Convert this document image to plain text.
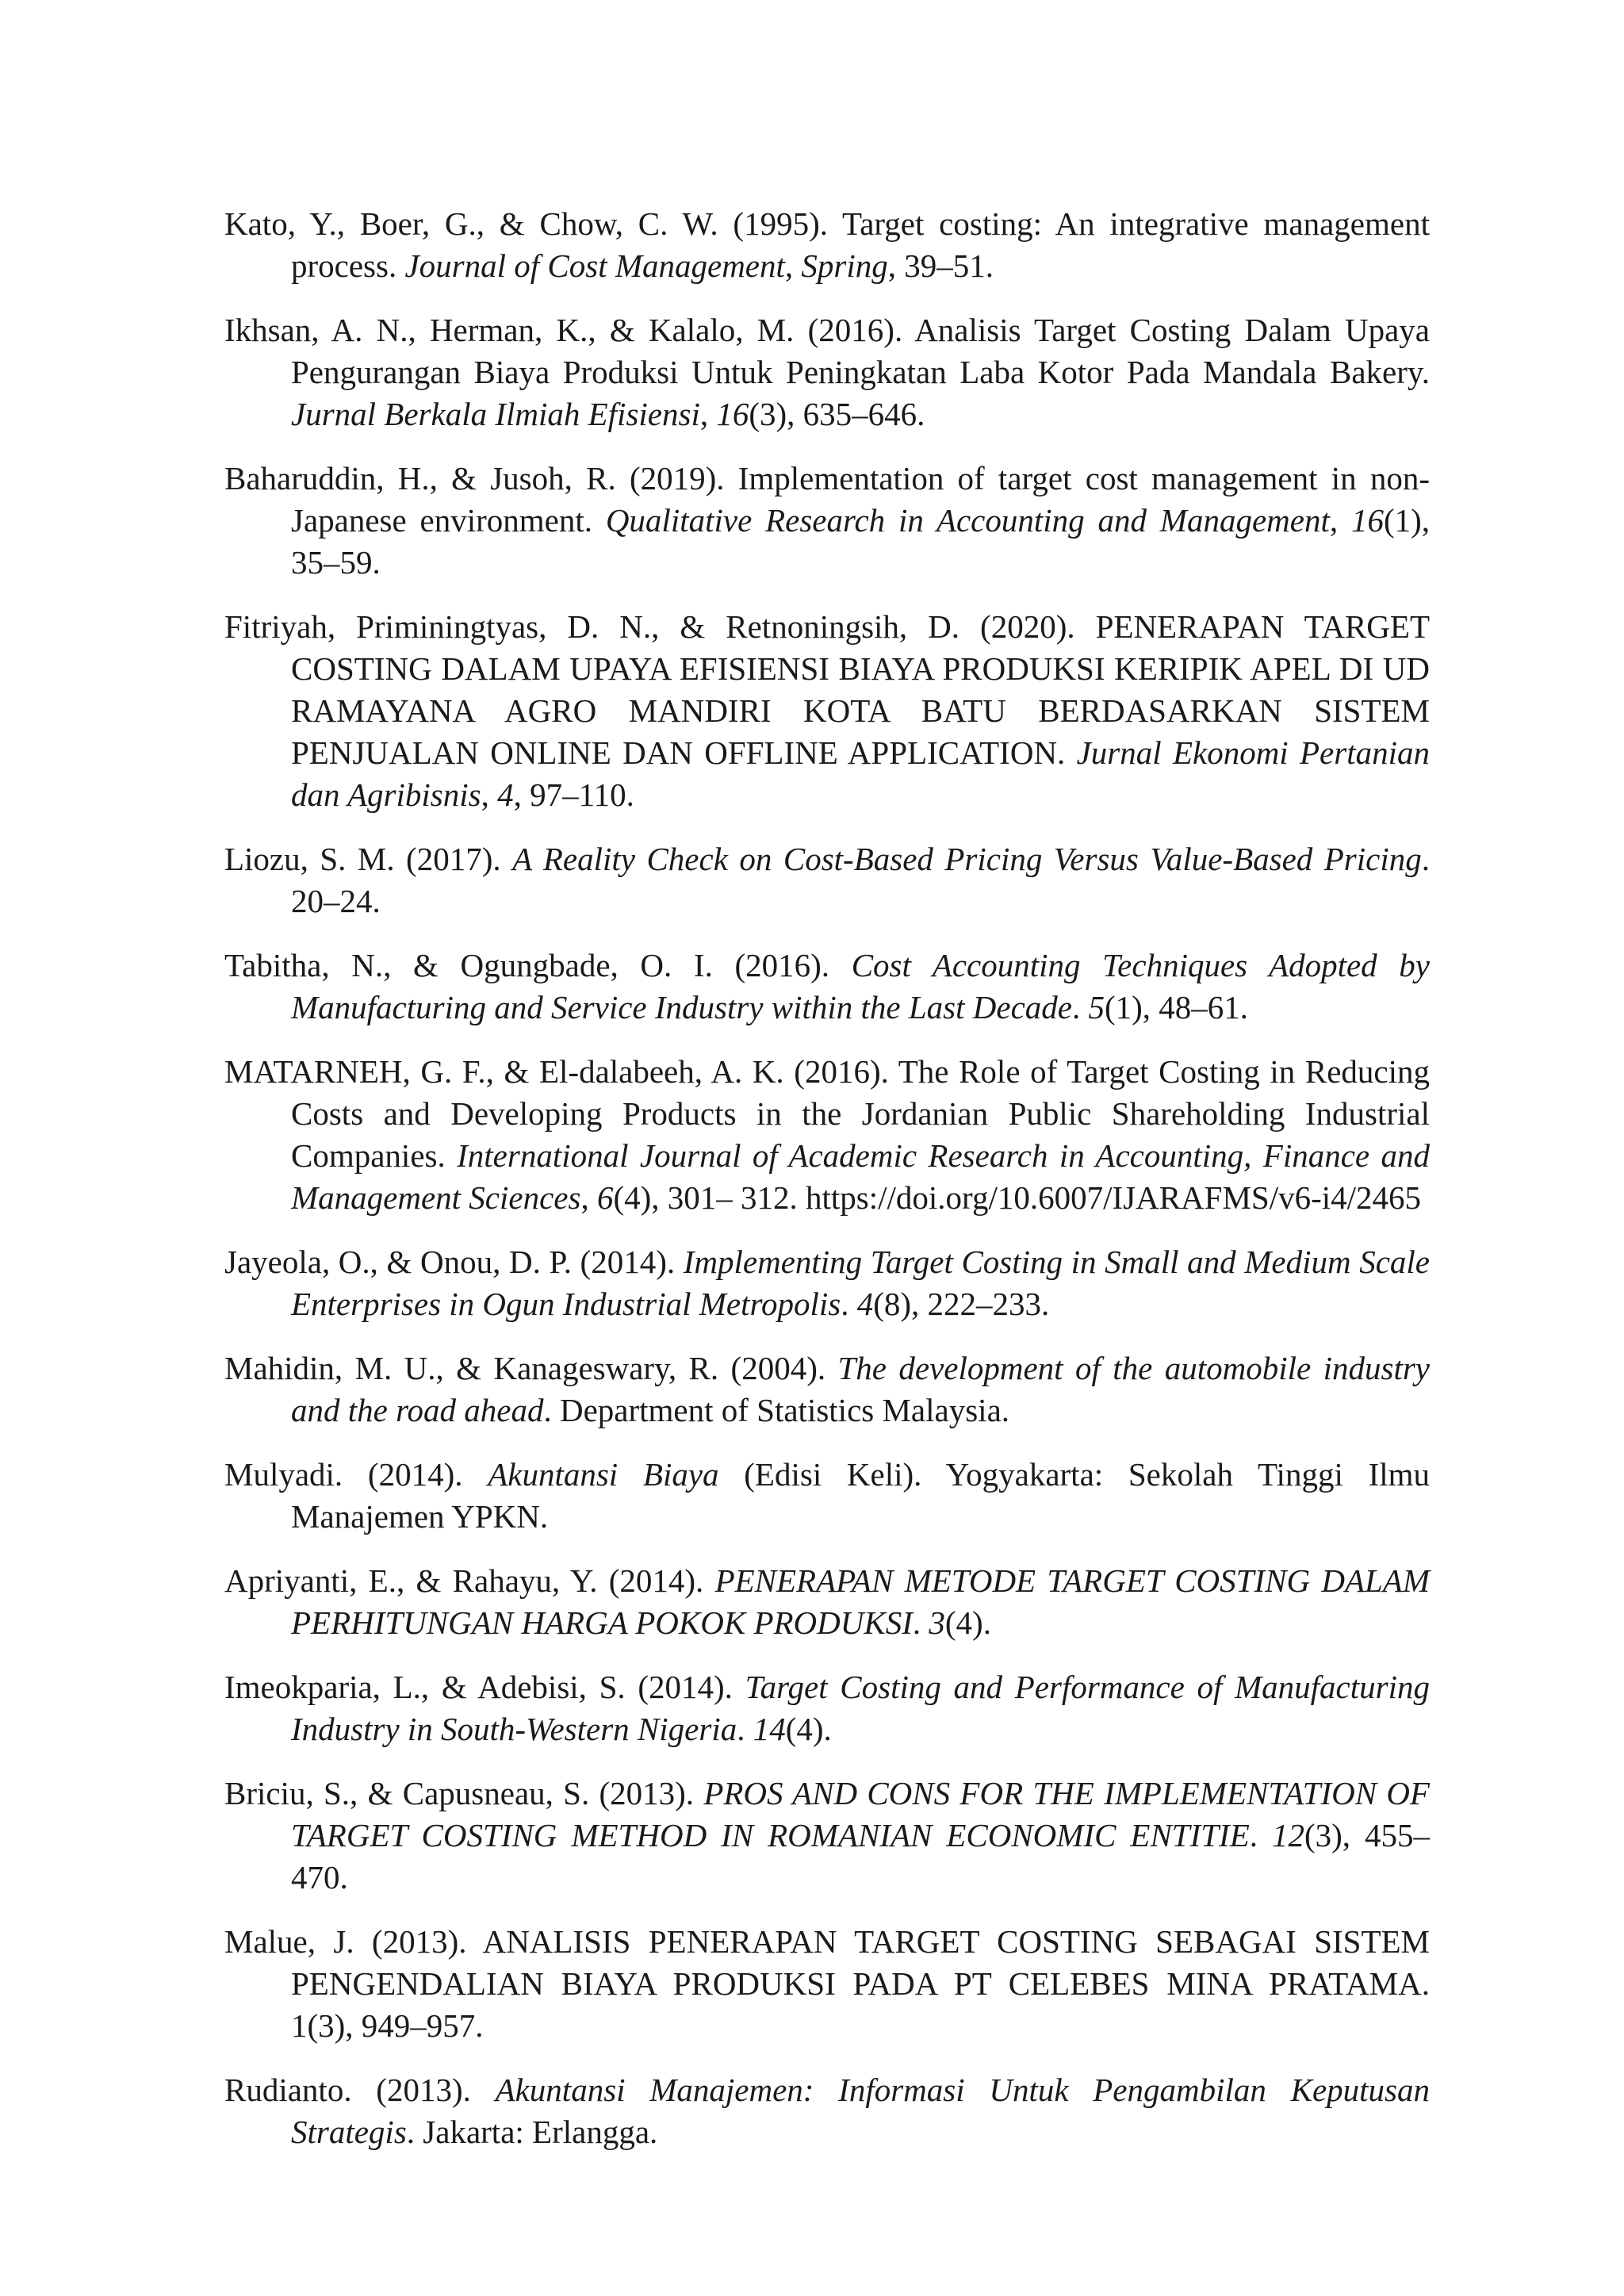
Kato, Y., Boer, G., & Chow, C. W. (1995). Target costing: An integrative management process. Journal of Cost Management, Spring, 39–51.

Ikhsan, A. N., Herman, K., & Kalalo, M. (2016). Analisis Target Costing Dalam Upaya Pengurangan Biaya Produksi Untuk Peningkatan Laba Kotor Pada Mandala Bakery. Jurnal Berkala Ilmiah Efisiensi, 16(3), 635–646.

Baharuddin, H., & Jusoh, R. (2019). Implementation of target cost management in non-Japanese environment. Qualitative Research in Accounting and Management, 16(1), 35–59.

Fitriyah, Priminingtyas, D. N., & Retnoningsih, D. (2020). PENERAPAN TARGET COSTING DALAM UPAYA EFISIENSI BIAYA PRODUKSI KERIPIK APEL DI UD RAMAYANA AGRO MANDIRI KOTA BATU BERDASARKAN SISTEM PENJUALAN ONLINE DAN OFFLINE APPLICATION. Jurnal Ekonomi Pertanian dan Agribisnis, 4, 97–110.

Liozu, S. M. (2017). A Reality Check on Cost-Based Pricing Versus Value-Based Pricing. 20–24.

Tabitha, N., & Ogungbade, O. I. (2016). Cost Accounting Techniques Adopted by Manufacturing and Service Industry within the Last Decade. 5(1), 48–61.

MATARNEH, G. F., & El-dalabeeh, A. K. (2016). The Role of Target Costing in Reducing Costs and Developing Products in the Jordanian Public Shareholding Industrial Companies. International Journal of Academic Research in Accounting, Finance and Management Sciences, 6(4), 301– 312. https://doi.org/10.6007/IJARAFMS/v6-i4/2465

Jayeola, O., & Onou, D. P. (2014). Implementing Target Costing in Small and Medium Scale Enterprises in Ogun Industrial Metropolis. 4(8), 222–233.

Mahidin, M. U., & Kanageswary, R. (2004). The development of the automobile industry and the road ahead. Department of Statistics Malaysia.

Mulyadi. (2014). Akuntansi Biaya (Edisi Keli). Yogyakarta: Sekolah Tinggi Ilmu Manajemen YPKN.

Apriyanti, E., & Rahayu, Y. (2014). PENERAPAN METODE TARGET COSTING DALAM PERHITUNGAN HARGA POKOK PRODUKSI. 3(4).

Imeokparia, L., & Adebisi, S. (2014). Target Costing and Performance of Manufacturing Industry in South-Western Nigeria. 14(4).

Briciu, S., & Capusneau, S. (2013). PROS AND CONS FOR THE IMPLEMENTATION OF TARGET COSTING METHOD IN ROMANIAN ECONOMIC ENTITIE. 12(3), 455–470.

Malue, J. (2013). ANALISIS PENERAPAN TARGET COSTING SEBAGAI SISTEM PENGENDALIAN BIAYA PRODUKSI PADA PT CELEBES MINA PRATAMA. 1(3), 949–957.

Rudianto. (2013). Akuntansi Manajemen: Informasi Untuk Pengambilan Keputusan Strategis. Jakarta: Erlangga.
